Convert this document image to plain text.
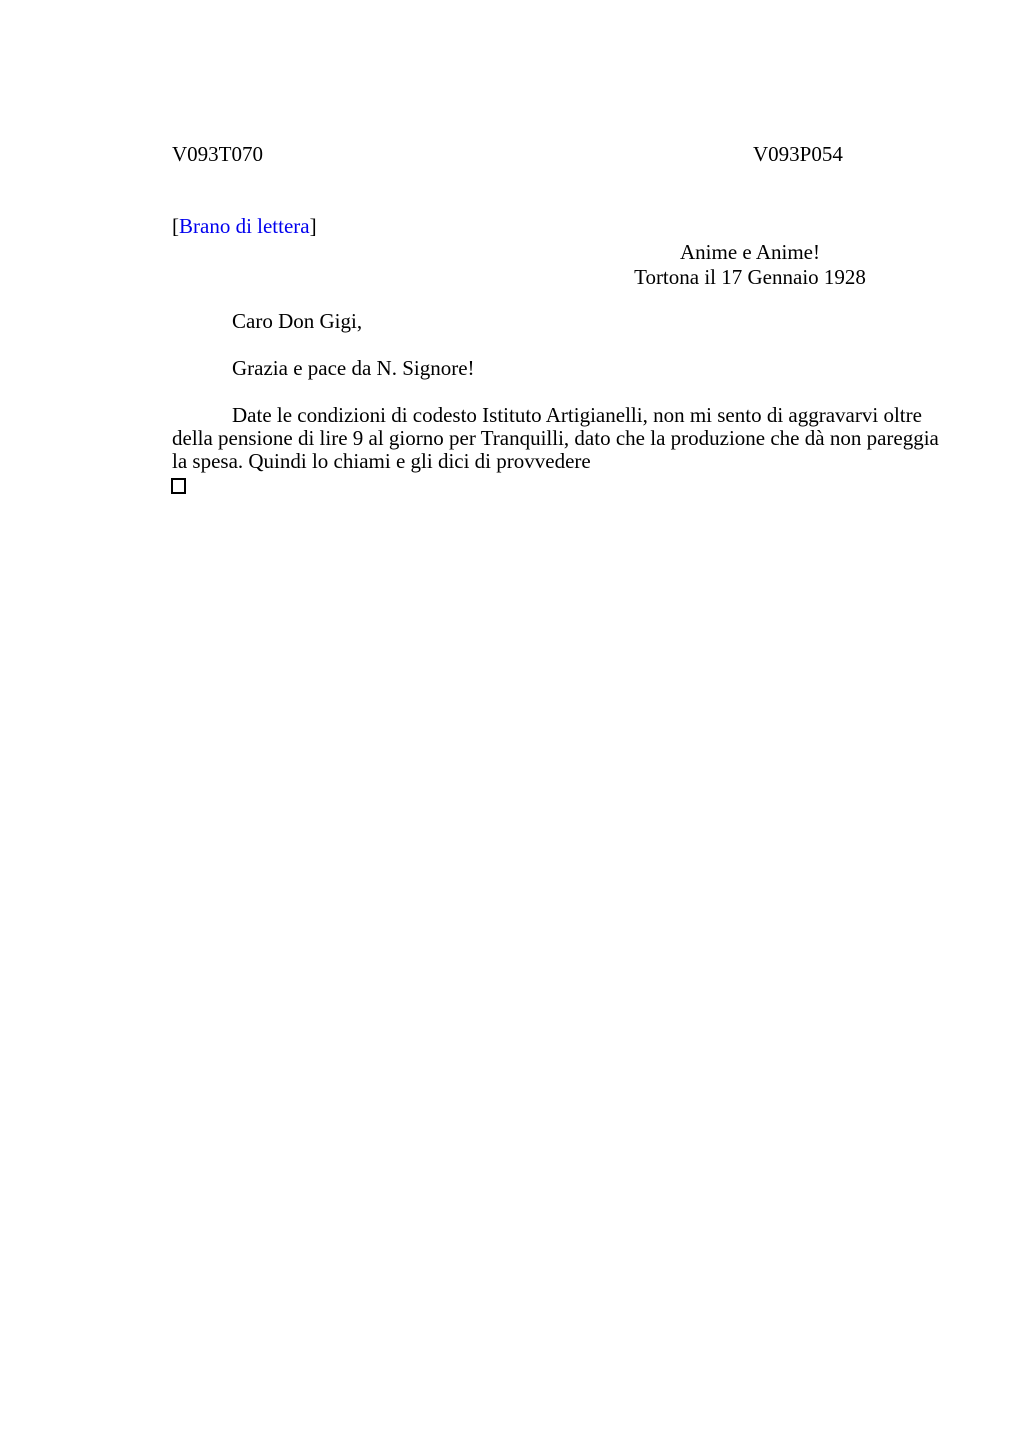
V093T070	V093P054
[Brano di lettera]
Anime e Anime!
Tortona il 17 Gennaio 1928
Caro Don Gigi,
Grazia e pace da N. Signore!
Date le condizioni di codesto Istituto Artigianelli, non mi sento di aggravarvi oltre
della pensione di lire 9 al giorno per Tranquilli, dato che la produzione che dà non pareggia
la spesa. Quindi lo chiami e gli dici di provvedere
